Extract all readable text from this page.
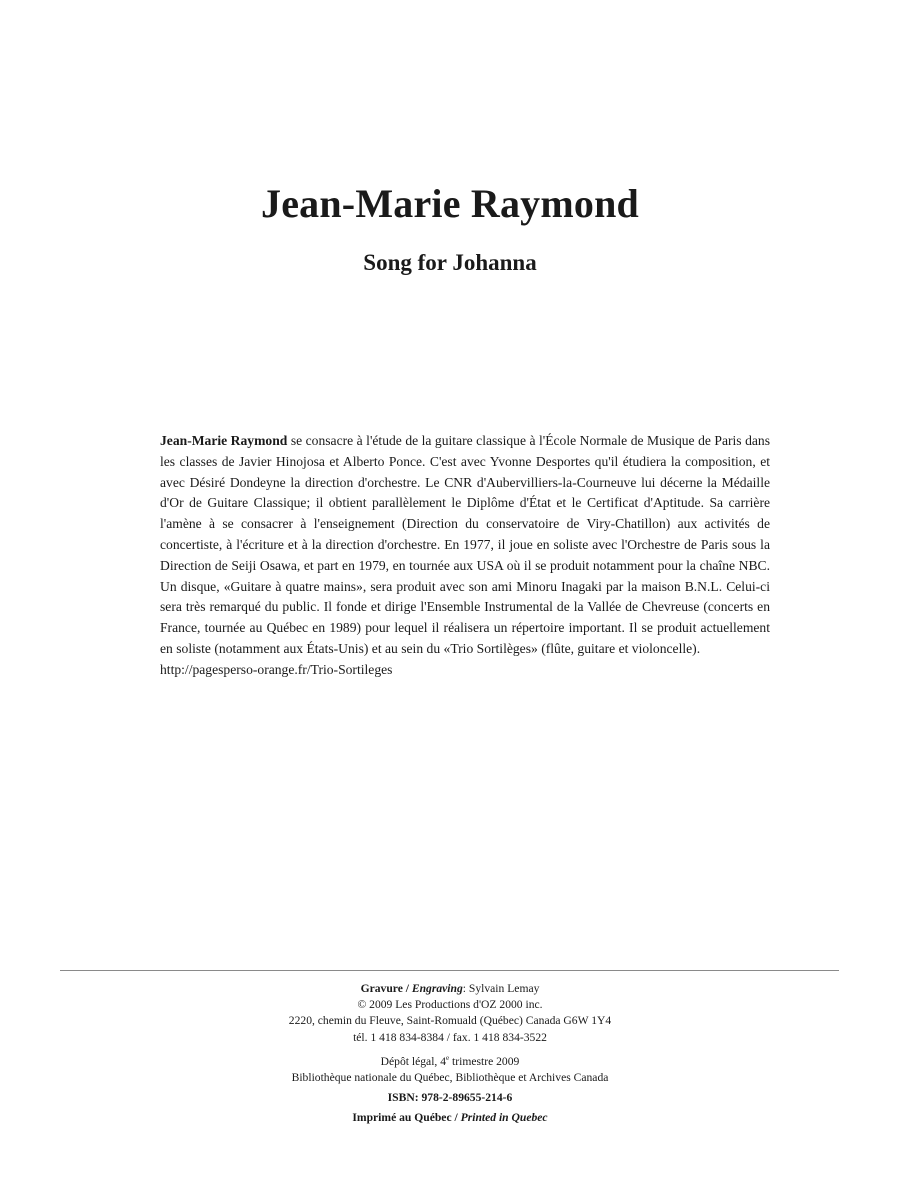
Jean-Marie Raymond
Song for Johanna

Jean-Marie Raymond se consacre à l'étude de la guitare classique à l'École Normale de Musique de Paris dans les classes de Javier Hinojosa et Alberto Ponce. C'est avec Yvonne Desportes qu'il étudiera la composition, et avec Désiré Dondeyne la direction d'orchestre. Le CNR d'Aubervilliers-la-Courneuve lui décerne la Médaille d'Or de Guitare Classique; il obtient parallèlement le Diplôme d'État et le Certificat d'Aptitude. Sa carrière l'amène à se consacrer à l'enseignement (Direction du conservatoire de Viry-Chatillon) aux activités de concertiste, à l'écriture et à la direction d'orchestre. En 1977, il joue en soliste avec l'Orchestre de Paris sous la Direction de Seiji Osawa, et part en 1979, en tournée aux USA où il se produit notamment pour la chaîne NBC. Un disque, «Guitare à quatre mains», sera produit avec son ami Minoru Inagaki par la maison B.N.L. Celui-ci sera très remarqué du public. Il fonde et dirige l'Ensemble Instrumental de la Vallée de Chevreuse (concerts en France, tournée au Québec en 1989) pour lequel il réalisera un répertoire important. Il se produit actuellement en soliste (notamment aux États-Unis) et au sein du «Trio Sortilèges» (flûte, guitare et violoncelle).
http://pagesperso-orange.fr/Trio-Sortileges

Gravure / Engraving: Sylvain Lemay
© 2009 Les Productions d'OZ 2000 inc.
2220, chemin du Fleuve, Saint-Romuald (Québec) Canada G6W 1Y4
tél. 1 418 834-8384 / fax. 1 418 834-3522
Dépôt légal, 4e trimestre 2009
Bibliothèque nationale du Québec, Bibliothèque et Archives Canada
ISBN: 978-2-89655-214-6
Imprimé au Québec / Printed in Quebec
